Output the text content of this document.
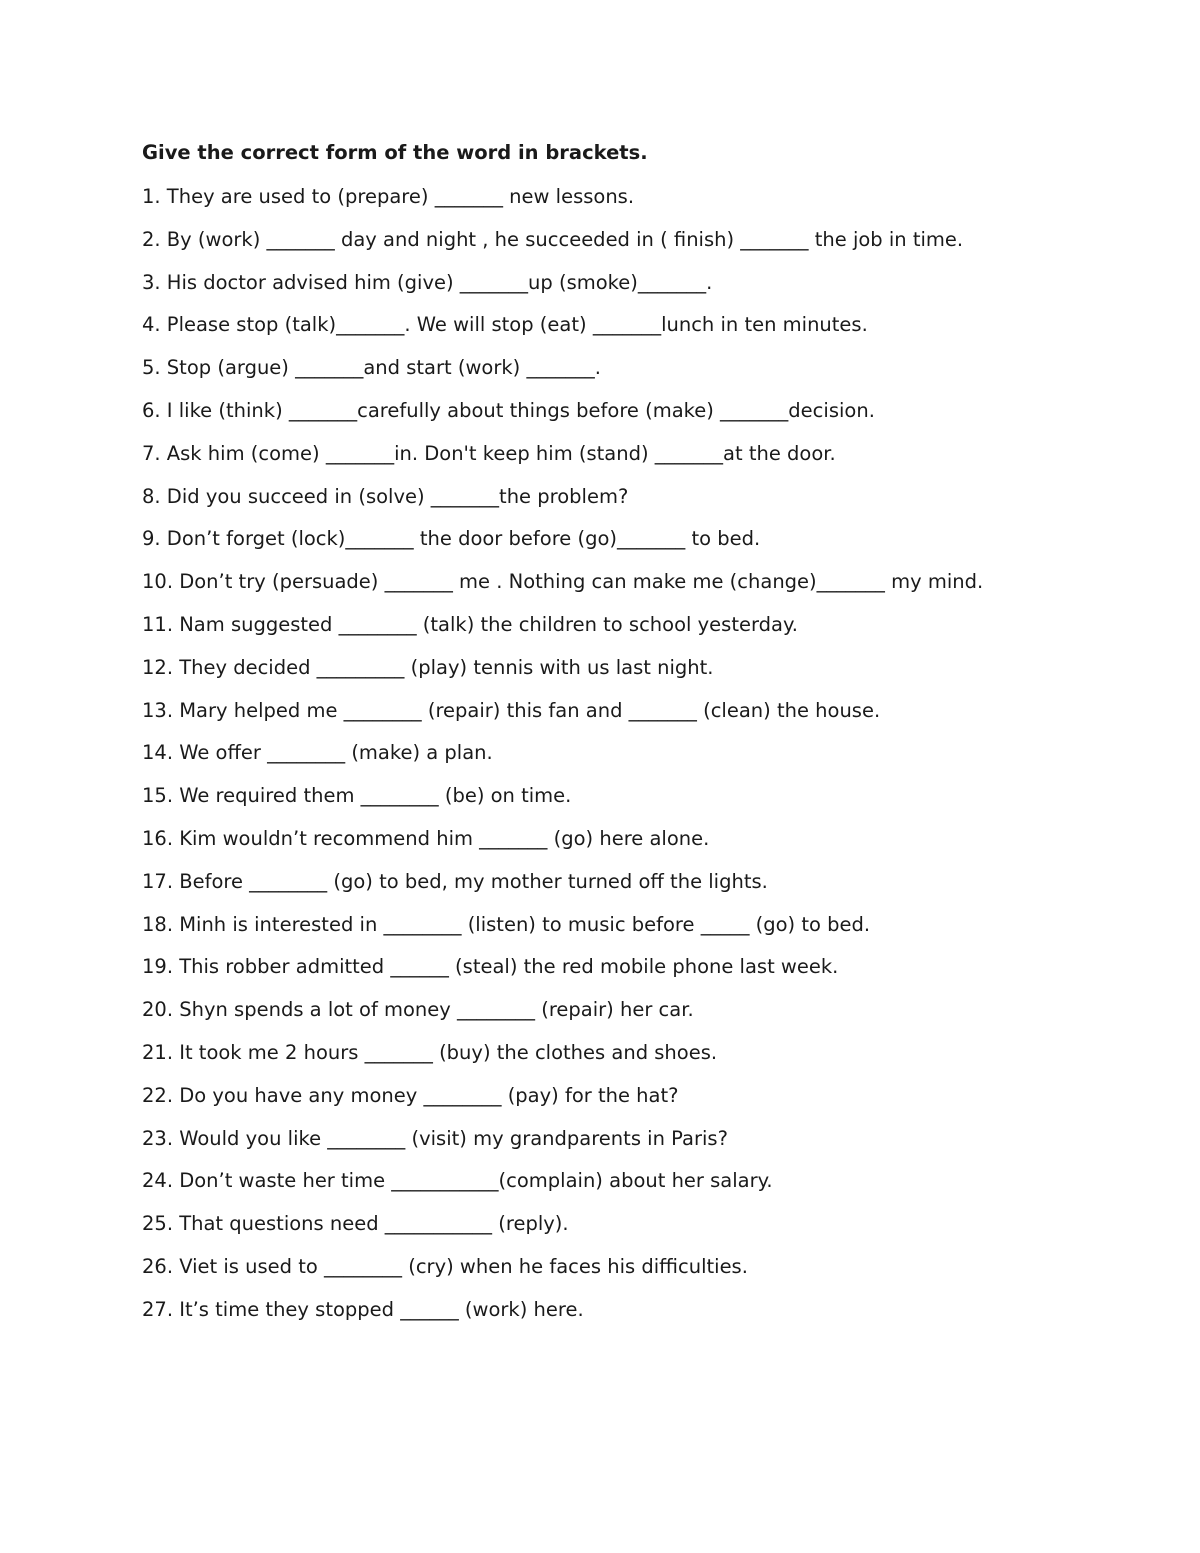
Give the correct form of the word in brackets.
1. They are used to (prepare) _______ new lessons.
2. By (work) _______ day and night , he succeeded in ( finish) _______ the job in time.
3. His doctor advised him (give) _______up (smoke)_______.
4. Please stop (talk)_______. We will stop (eat) _______lunch in ten minutes.
5. Stop (argue) _______and start (work) _______.
6. I like (think) _______carefully about things before (make) _______decision.
7. Ask him (come) _______in. Don't keep him (stand) _______at the door.
8. Did you succeed in (solve) _______the problem?
9. Don’t forget (lock)_______ the door before (go)_______ to bed.
10. Don’t try (persuade) _______ me . Nothing can make me (change)_______ my mind.
11. Nam suggested ________ (talk) the children to school yesterday.
12. They decided _________ (play) tennis with us last night.
13. Mary helped me ________ (repair) this fan and _______ (clean) the house.
14. We offer ________ (make) a plan.
15. We required them ________ (be) on time.
16. Kim wouldn’t recommend him _______ (go) here alone.
17. Before ________ (go) to bed, my mother turned off the lights.
18. Minh is interested in ________ (listen) to music before _____ (go) to bed.
19. This robber admitted ______ (steal) the red mobile phone last week.
20. Shyn spends a lot of money ________ (repair) her car.
21. It took me 2 hours _______ (buy) the clothes and shoes.
22. Do you have any money ________ (pay) for the hat?
23. Would you like ________ (visit) my grandparents in Paris?
24. Don’t waste her time ___________(complain) about her salary.
25. That questions need ___________ (reply).
26. Viet is used to ________ (cry) when he faces his difficulties.
27. It’s time they stopped ______ (work) here.
